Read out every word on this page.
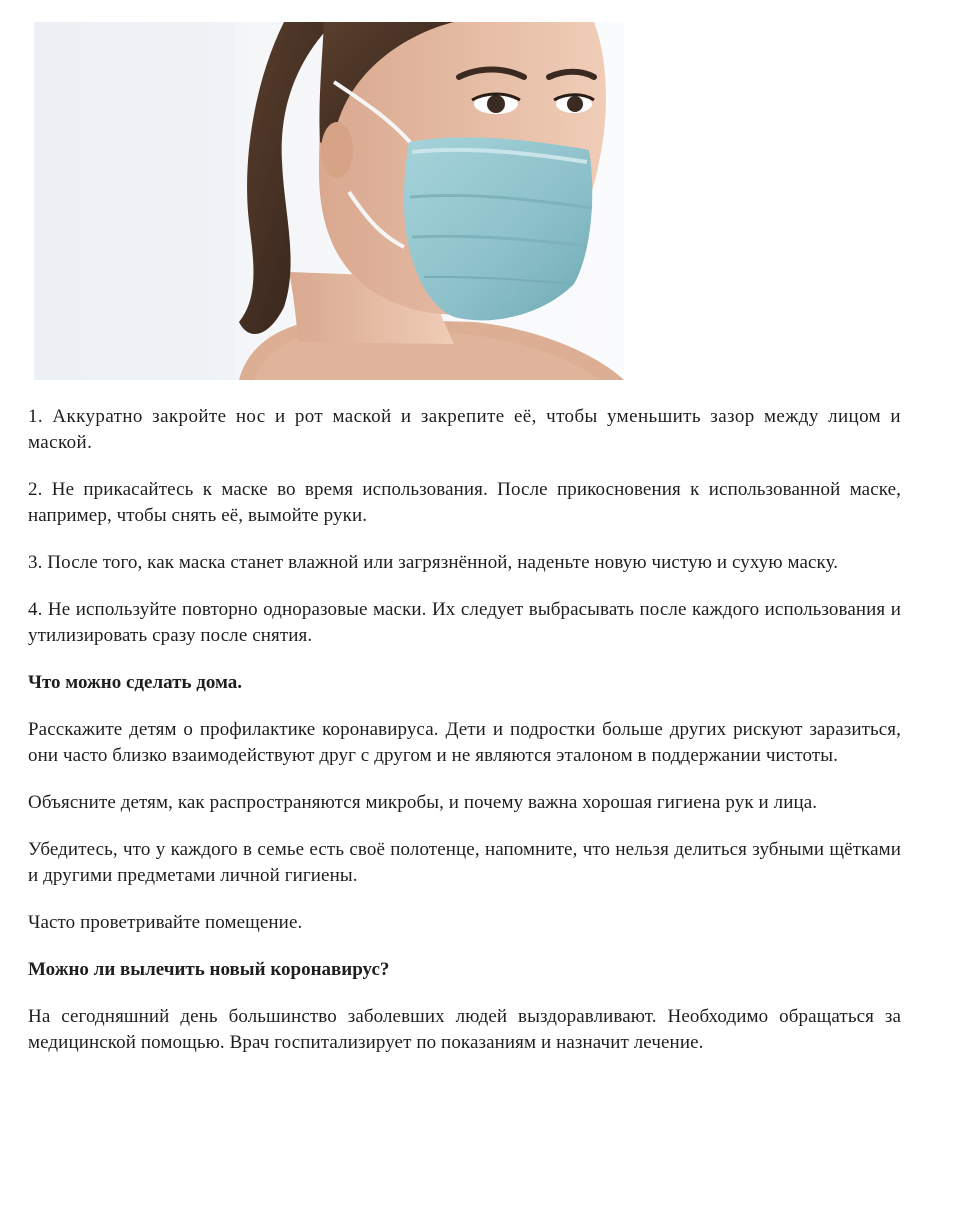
1. Аккуратно закройте нос и рот маской и закрепите её, чтобы уменьшить зазор между лицом и маской.

2. Не прикасайтесь к маске во время использования. После прикосновения к использованной маске, например, чтобы снять её, вымойте руки.

3. После того, как маска станет влажной или загрязнённой, наденьте новую чистую и сухую маску.

4. Не используйте повторно одноразовые маски. Их следует выбрасывать после каждого использования и утилизировать сразу после снятия.

Что можно сделать дома.

Расскажите детям о профилактике коронавируса. Дети и подростки больше других рискуют заразиться, они часто близко взаимодействуют друг с другом и не являются эталоном в поддержании чистоты.

Объясните детям, как распространяются микробы, и почему важна хорошая гигиена рук и лица.

Убедитесь, что у каждого в семье есть своё полотенце, напомните, что нельзя делиться зубными щётками и другими предметами личной гигиены.

Часто проветривайте помещение.

Можно ли вылечить новый коронавирус?

На сегодняшний день большинство заболевших людей выздоравливают. Необходимо обращаться за медицинской помощью. Врач госпитализирует по показаниям и назначит лечение.
